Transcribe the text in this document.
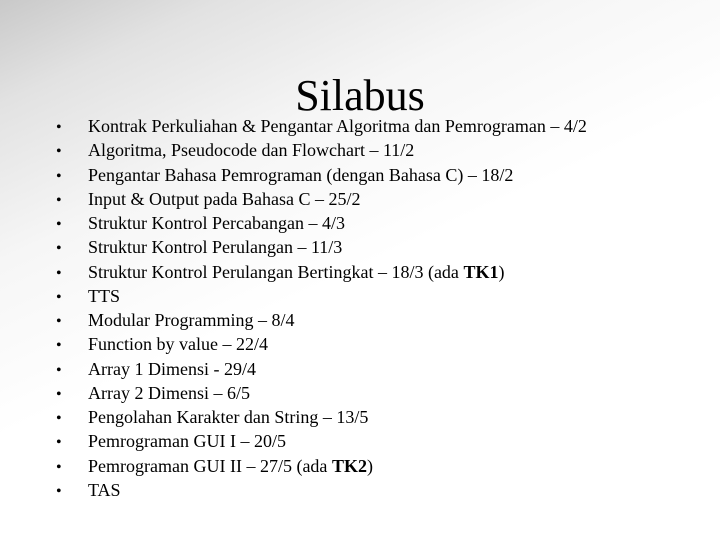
Silabus
•	Kontrak Perkuliahan & Pengantar Algoritma dan Pemrograman – 4/2
•	Algoritma, Pseudocode dan Flowchart – 11/2
•	Pengantar Bahasa Pemrograman (dengan Bahasa C) – 18/2
•	Input & Output pada Bahasa C – 25/2
•	Struktur Kontrol Percabangan – 4/3
•	Struktur Kontrol Perulangan – 11/3
•	Struktur Kontrol Perulangan Bertingkat – 18/3 (ada TK1)
•	TTS
•	Modular Programming – 8/4
•	Function by value – 22/4
•	Array 1 Dimensi - 29/4
•	Array 2 Dimensi – 6/5
•	Pengolahan Karakter dan String – 13/5
•	Pemrograman GUI I – 20/5
•	Pemrograman GUI II – 27/5 (ada TK2)
•	TAS
